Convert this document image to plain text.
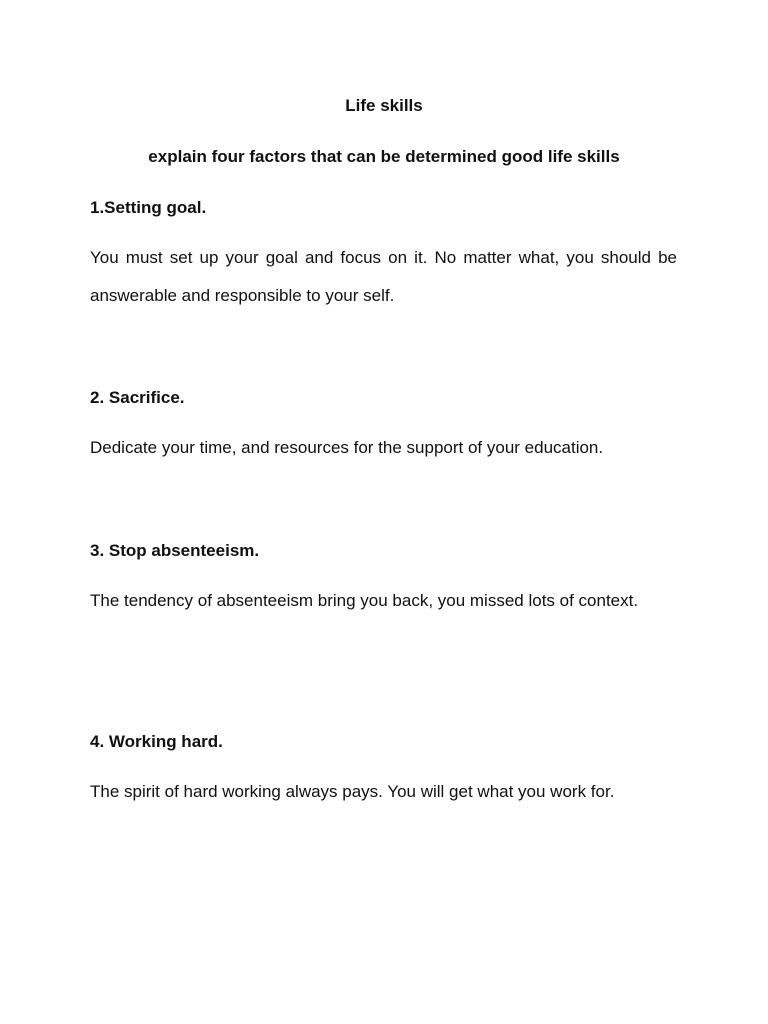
Life skills

explain four factors that can be determined good life skills

1.Setting goal.

You must set up your goal and focus on it. No matter what, you should be answerable and responsible to your self.

2. Sacrifice.

Dedicate your time, and resources for the support of your education.

3. Stop absenteeism.

The tendency of absenteeism bring you back, you missed lots of context.

4. Working hard.

The spirit of hard working always pays. You will get what you work for.
